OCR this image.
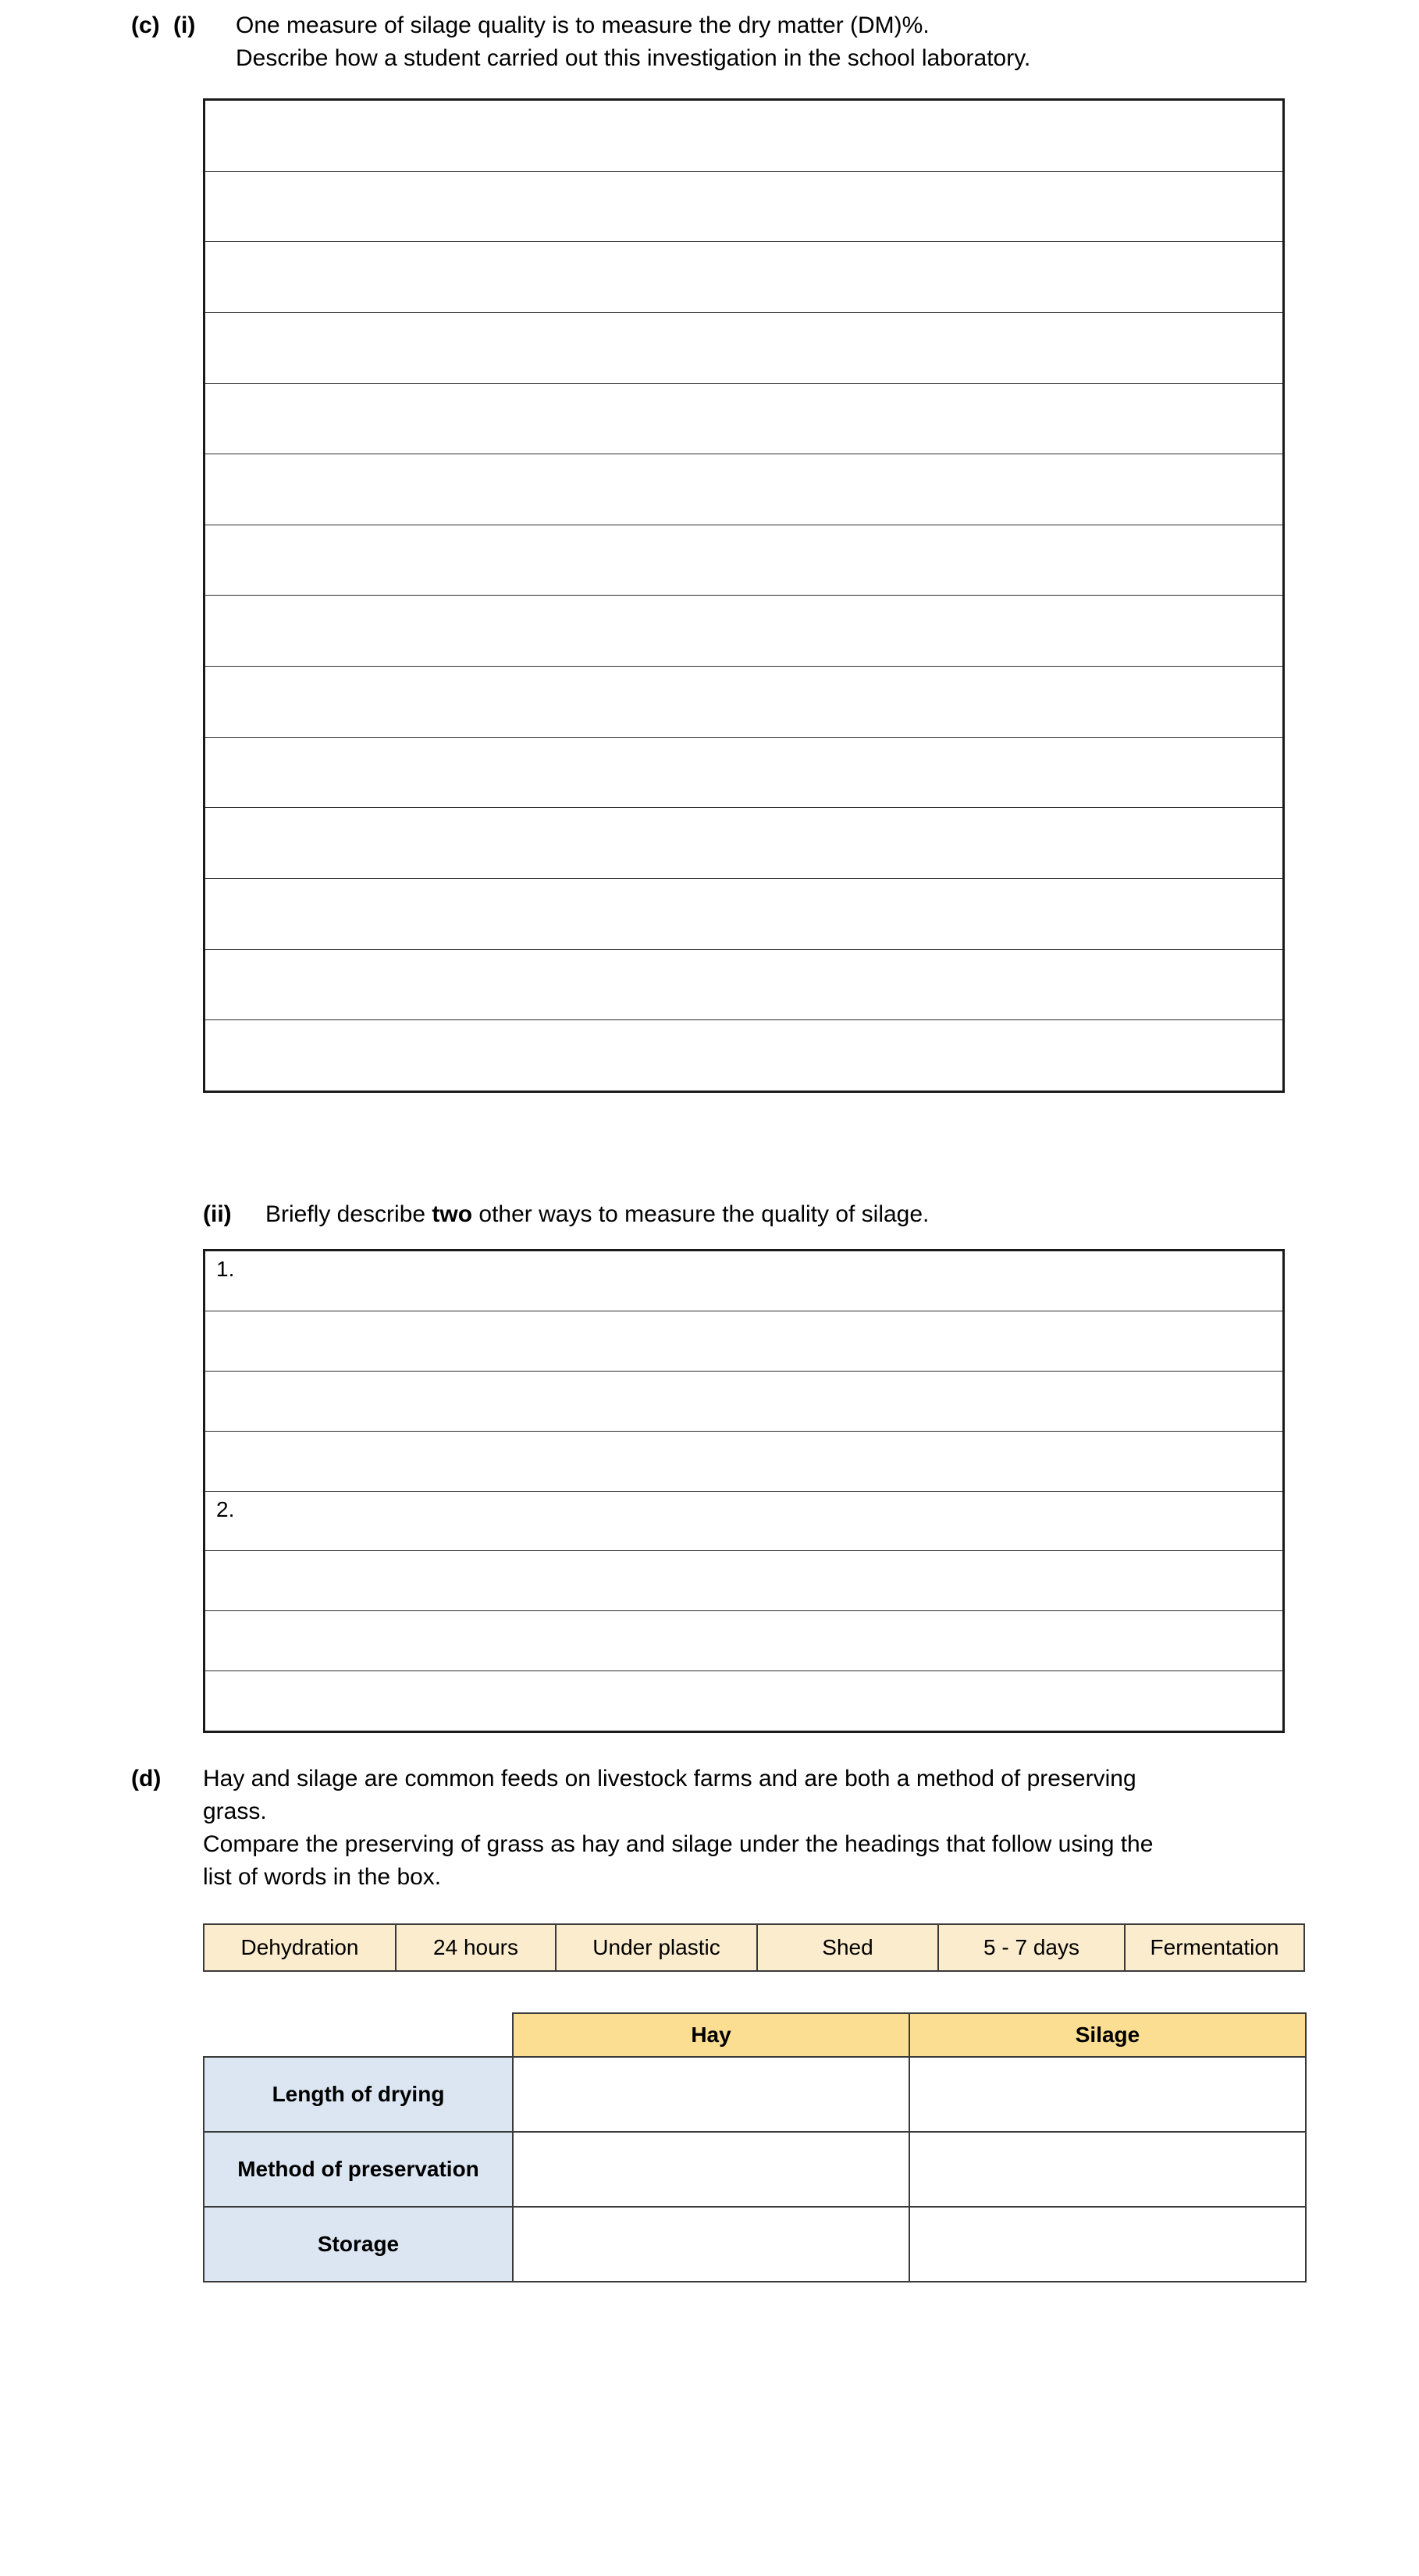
(c) (i)	One measure of silage quality is to measure the dry matter (DM)%.
Describe how a student carried out this investigation in the school laboratory.
(ii)	Briefly describe two other ways to measure the quality of silage.
1.
2.
(d)	Hay and silage are common feeds on livestock farms and are both a method of preserving
grass.
Compare the preserving of grass as hay and silage under the headings that follow using the
list of words in the box.
Dehydration	24 hours	Under plastic	Shed	5 - 7 days	Fermentation
	Hay	Silage
Length of drying		
Method of preservation		
Storage		
